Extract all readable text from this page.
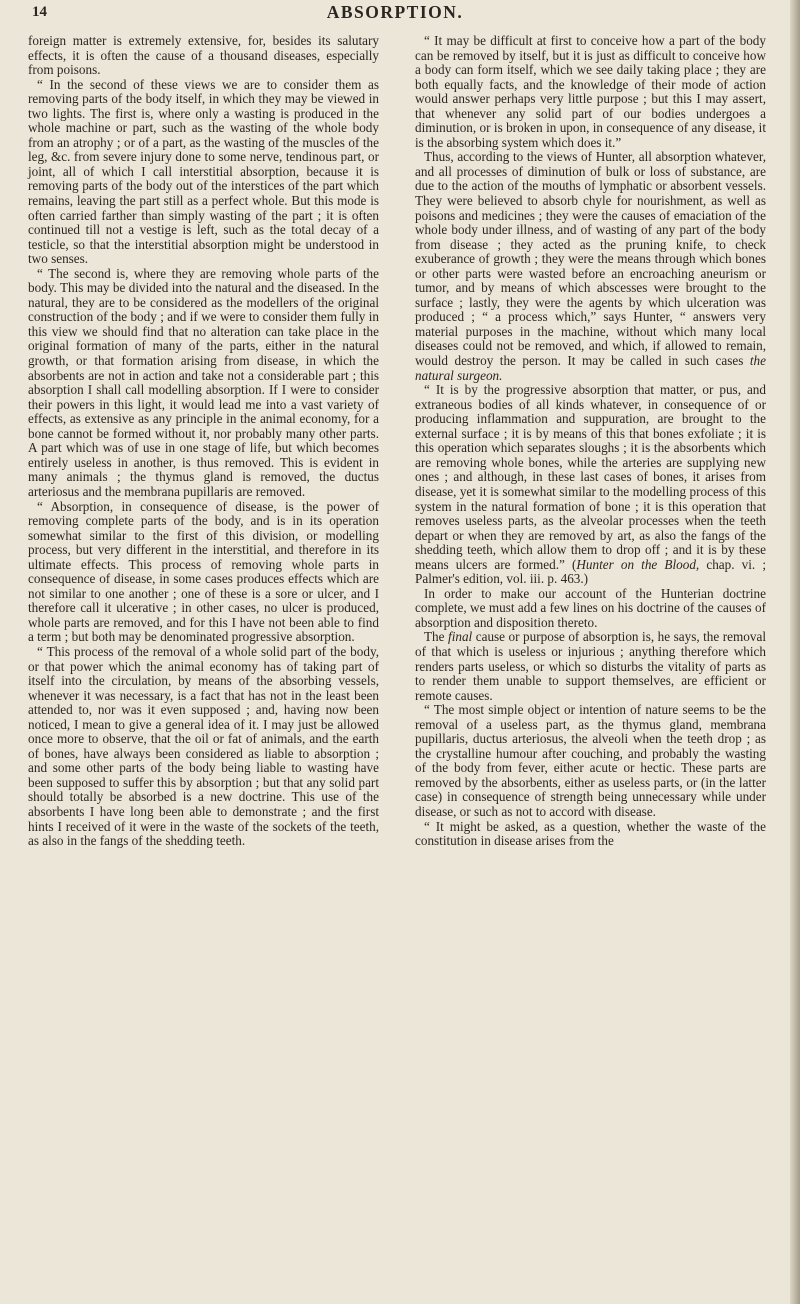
14	ABSORPTION.

foreign matter is extremely extensive, for, besides its salutary effects, it is often the cause of a thousand diseases, especially from poisons.

“ In the second of these views we are to consider them as removing parts of the body itself, in which they may be viewed in two lights. The first is, where only a wasting is produced in the whole machine or part, such as the wasting of the whole body from an atrophy ; or of a part, as the wasting of the muscles of the leg, &c. from severe injury done to some nerve, tendinous part, or joint, all of which I call interstitial absorption, because it is removing parts of the body out of the interstices of the part which remains, leaving the part still as a perfect whole. But this mode is often carried farther than simply wasting of the part ; it is often continued till not a vestige is left, such as the total decay of a testicle, so that the interstitial absorption might be understood in two senses.

“ The second is, where they are removing whole parts of the body. This may be divided into the natural and the diseased. In the natural, they are to be considered as the modellers of the original construction of the body ; and if we were to consider them fully in this view we should find that no alteration can take place in the original formation of many of the parts, either in the natural growth, or that formation arising from disease, in which the absorbents are not in action and take not a considerable part ; this absorption I shall call modelling absorption. If I were to consider their powers in this light, it would lead me into a vast variety of effects, as extensive as any principle in the animal economy, for a bone cannot be formed without it, nor probably many other parts. A part which was of use in one stage of life, but which becomes entirely useless in another, is thus removed. This is evident in many animals ; the thymus gland is removed, the ductus arteriosus and the membrana pupillaris are removed.

“ Absorption, in consequence of disease, is the power of removing complete parts of the body, and is in its operation somewhat similar to the first of this division, or modelling process, but very different in the interstitial, and therefore in its ultimate effects. This process of removing whole parts in consequence of disease, in some cases produces effects which are not similar to one another ; one of these is a sore or ulcer, and I therefore call it ulcerative ; in other cases, no ulcer is produced, whole parts are removed, and for this I have not been able to find a term ; but both may be denominated progressive absorption.

“ This process of the removal of a whole solid part of the body, or that power which the animal economy has of taking part of itself into the circulation, by means of the absorbing vessels, whenever it was necessary, is a fact that has not in the least been attended to, nor was it even supposed ; and, having now been noticed, I mean to give a general idea of it. I may just be allowed once more to observe, that the oil or fat of animals, and the earth of bones, have always been considered as liable to absorption ; and some other parts of the body being liable to wasting have been supposed to suffer this by absorption ; but that any solid part should totally be absorbed is a new doctrine. This use of the absorbents I have long been able to demonstrate ; and the first hints I received of it were in the waste of the sockets of the teeth, as also in the fangs of the shedding teeth.

“ It may be difficult at first to conceive how a part of the body can be removed by itself, but it is just as difficult to conceive how a body can form itself, which we see daily taking place ; they are both equally facts, and the knowledge of their mode of action would answer perhaps very little purpose ; but this I may assert, that whenever any solid part of our bodies undergoes a diminution, or is broken in upon, in consequence of any disease, it is the absorbing system which does it.”

Thus, according to the views of Hunter, all absorption whatever, and all processes of diminution of bulk or loss of substance, are due to the action of the mouths of lymphatic or absorbent vessels. They were believed to absorb chyle for nourishment, as well as poisons and medicines ; they were the causes of emaciation of the whole body under illness, and of wasting of any part of the body from disease ; they acted as the pruning knife, to check exuberance of growth ; they were the means through which bones or other parts were wasted before an encroaching aneurism or tumor, and by means of which abscesses were brought to the surface ; lastly, they were the agents by which ulceration was produced ; “ a process which,” says Hunter, “ answers very material purposes in the machine, without which many local diseases could not be removed, and which, if allowed to remain, would destroy the person. It may be called in such cases the natural surgeon.

“ It is by the progressive absorption that matter, or pus, and extraneous bodies of all kinds whatever, in consequence of or producing inflammation and suppuration, are brought to the external surface ; it is by means of this that bones exfoliate ; it is this operation which separates sloughs ; it is the absorbents which are removing whole bones, while the arteries are supplying new ones ; and although, in these last cases of bones, it arises from disease, yet it is somewhat similar to the modelling process of this system in the natural formation of bone ; it is this operation that removes useless parts, as the alveolar processes when the teeth depart or when they are removed by art, as also the fangs of the shedding teeth, which allow them to drop off ; and it is by these means ulcers are formed.” (Hunter on the Blood, chap. vi. ; Palmer's edition, vol. iii. p. 463.)

In order to make our account of the Hunterian doctrine complete, we must add a few lines on his doctrine of the causes of absorption and disposition thereto.

The final cause or purpose of absorption is, he says, the removal of that which is useless or injurious ; anything therefore which renders parts useless, or which so disturbs the vitality of parts as to render them unable to support themselves, are efficient or remote causes.

“ The most simple object or intention of nature seems to be the removal of a useless part, as the thymus gland, membrana pupillaris, ductus arteriosus, the alveoli when the teeth drop ; as the crystalline humour after couching, and probably the wasting of the body from fever, either acute or hectic. These parts are removed by the absorbents, either as useless parts, or (in the latter case) in consequence of strength being unnecessary while under disease, or such as not to accord with disease.

“ It might be asked, as a question, whether the waste of the constitution in disease arises from the
